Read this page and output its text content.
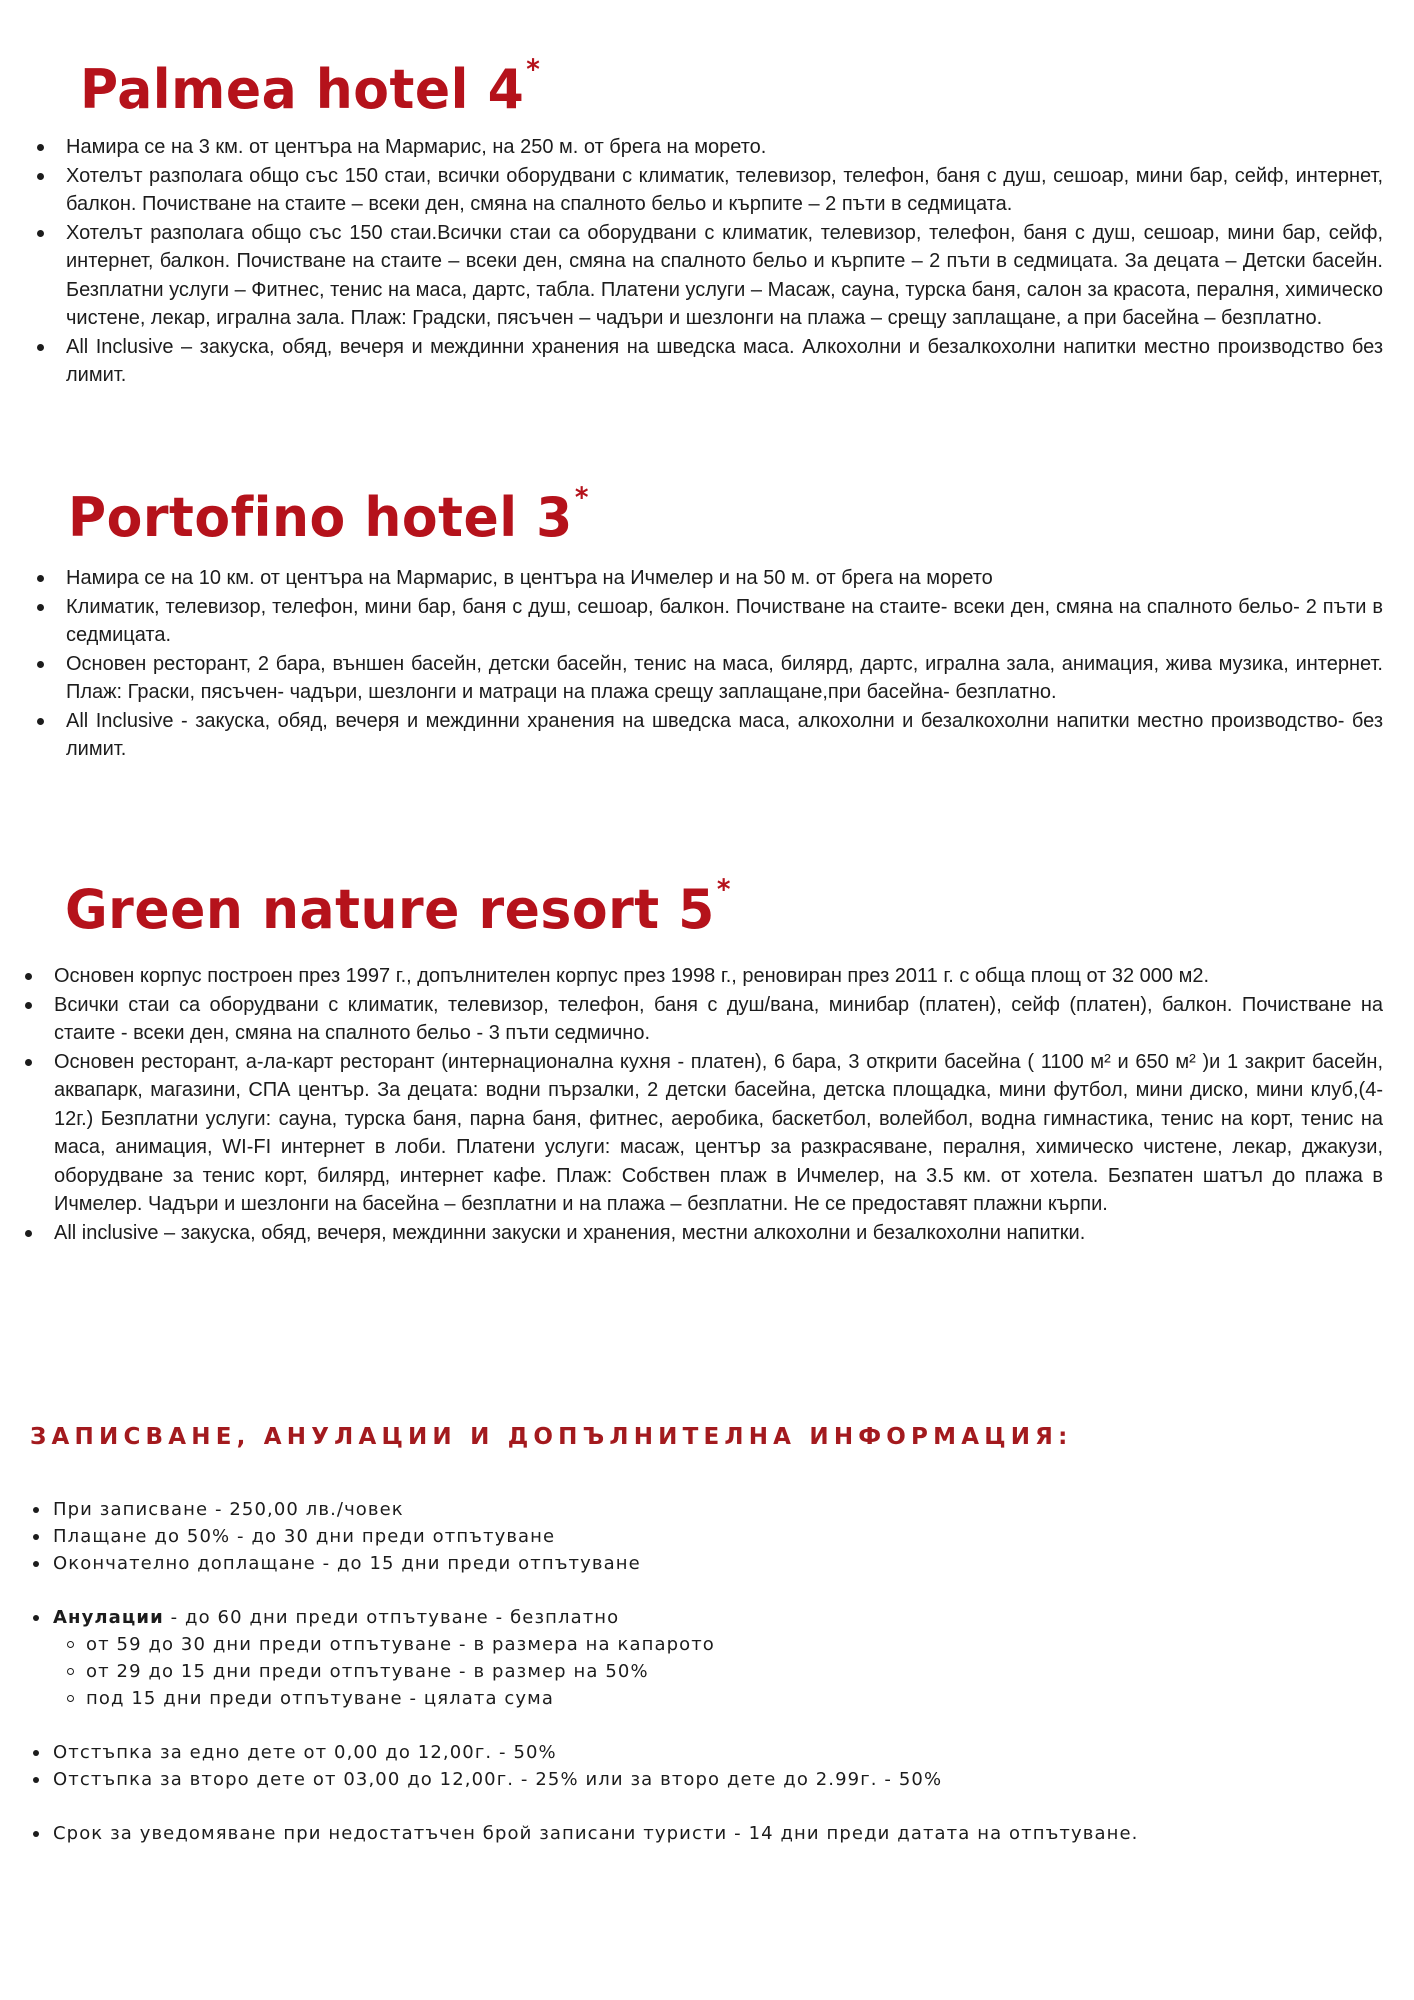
Palmea hotel 4*
Намира се на 3 км. от центъра на Мармарис, на 250 м. от брега на морето.
Хотелът разполага общо със 150 стаи, всички оборудвани с климатик, телевизор, телефон, баня с душ, сешоар, мини бар, сейф, интернет, балкон. Почистване на стаите – всеки ден, смяна на спалното бельо и кърпите – 2 пъти в седмицата.
Хотелът разполага общо със 150 стаи.Всички стаи са оборудвани с климатик, телевизор, телефон, баня с душ, сешоар, мини бар, сейф, интернет, балкон. Почистване на стаите – всеки ден, смяна на спалното бельо и кърпите – 2 пъти в седмицата. За децата – Детски басейн. Безплатни услуги – Фитнес, тенис на маса, дартс, табла. Платени услуги – Масаж, сауна, турска баня, салон за красота, пералня, химическо чистене, лекар, игрална зала. Плаж: Градски, пясъчен – чадъри и шезлонги на плажа – срещу заплащане, а при басейна – безплатно.
All Inclusive – закуска, обяд, вечеря и междинни хранения на шведска маса. Алкохолни и безалкохолни напитки местно производство без лимит.
Portofino hotel 3*
Намира се на 10 км. от центъра на Мармарис, в центъра на Ичмелер и на 50 м. от брега на морето
Климатик, телевизор, телефон, мини бар, баня с душ, сешоар, балкон. Почистване на стаите- всеки ден, смяна на спалното бельо- 2 пъти в седмицата.
Основен ресторант, 2 бара, външен басейн, детски басейн, тенис на маса, билярд, дартс, игрална зала, анимация, жива музика, интернет. Плаж: Граски, пясъчен- чадъри, шезлонги и матраци на плажа срещу заплащане,при басейна- безплатно.
All Inclusive - закуска, обяд, вечеря и междинни хранения на шведска маса, алкохолни и безалкохолни напитки местно производство- без лимит.
Green nature resort 5*
Основен корпус построен през 1997 г., допълнителен корпус през 1998 г., реновиран през 2011 г. с обща площ от 32 000 м2.
Всички стаи са оборудвани с климатик, телевизор, телефон, баня с душ/вана, минибар (платен), сейф (платен), балкон. Почистване на стаите - всеки ден, смяна на спалното бельо - 3 пъти седмично.
Основен ресторант, а-ла-карт ресторант (интернационална кухня - платен), 6 бара, 3 открити басейна ( 1100 м² и 650 м² )и 1 закрит басейн, аквапарк, магазини, СПА център. За децата: водни пързалки, 2 детски басейна, детска площадка, мини футбол, мини диско, мини клуб,(4-12г.) Безплатни услуги: сауна, турска баня, парна баня, фитнес, аеробика, баскетбол, волейбол, водна гимнастика, тенис на корт, тенис на маса, анимация, WI-FI интернет в лоби. Платени услуги: масаж, център за разкрасяване, пералня, химическо чистене, лекар, джакузи, оборудване за тенис корт, билярд, интернет кафе. Плаж: Собствен плаж в Ичмелер, на 3.5 км. от хотела. Безпатен шатъл до плажа в Ичмелер. Чадъри и шезлонги на басейна – безплатни и на плажа – безплатни. Не се предоставят плажни кърпи.
All inclusive – закуска, обяд, вечеря, междинни закуски и хранения, местни алкохолни и безалкохолни напитки.
ЗАПИСВАНЕ, АНУЛАЦИИ И ДОПЪЛНИТЕЛНА ИНФОРМАЦИЯ:
При записване - 250,00 лв./човек
Плащане до 50% - до 30 дни преди отпътуване
Окончателно доплащане - до 15 дни преди отпътуване
Анулации - до 60 дни преди отпътуване - безплатно
от 59 до 30 дни преди отпътуване - в размера на капарото
от 29 до 15 дни преди отпътуване - в размер на 50%
под 15 дни преди отпътуване - цялата сума
Отстъпка за едно дете от 0,00 до 12,00г. - 50%
Отстъпка за второ дете от 03,00 до 12,00г. - 25% или за второ дете до 2.99г. - 50%
Срок за уведомяване при недостатъчен брой записани туристи - 14 дни преди датата на отпътуване.
